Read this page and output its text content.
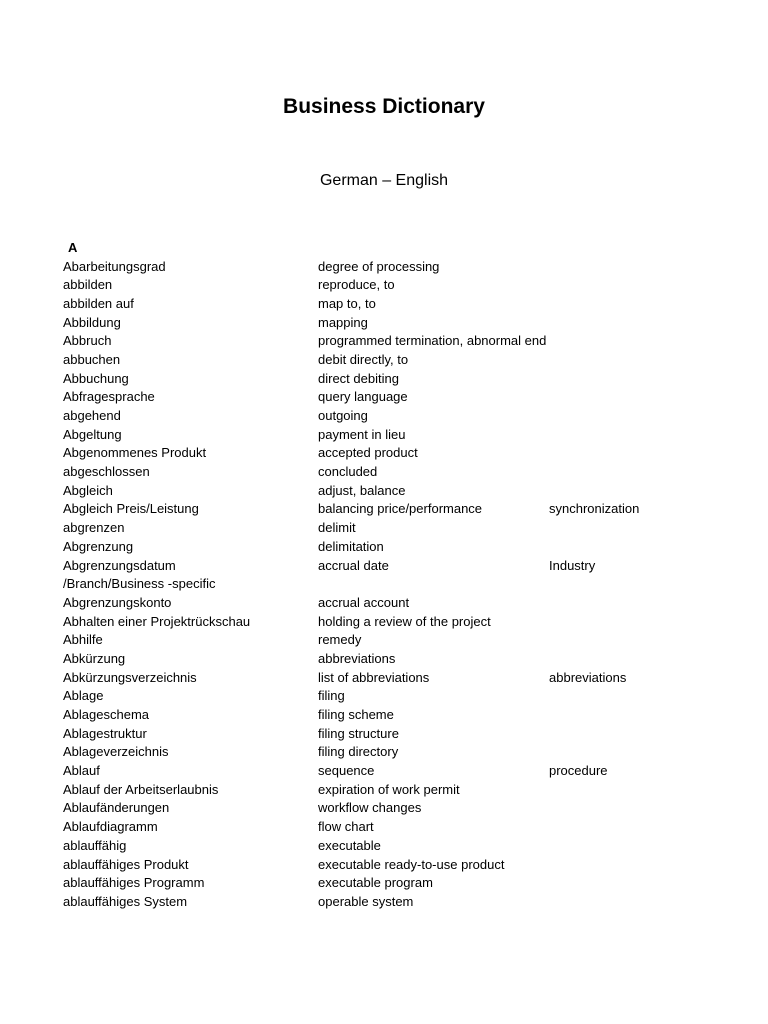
Business Dictionary
German – English
A
Abarbeitungsgrad	degree of processing
abbilden	reproduce, to
abbilden auf	map to, to
Abbildung	mapping
Abbruch	programmed termination, abnormal end
abbuchen	debit directly, to
Abbuchung	direct debiting
Abfragesprache	query language
abgehend	outgoing
Abgeltung	payment in lieu
Abgenommenes Produkt	accepted product
abgeschlossen	concluded
Abgleich	adjust, balance
Abgleich Preis/Leistung	balancing price/performance	synchronization
abgrenzen	delimit
Abgrenzung	delimitation
Abgrenzungsdatum	accrual date	Industry
/Branch/Business -specific
Abgrenzungskonto	accrual account
Abhalten einer Projektrückschau	holding a review of the project
Abhilfe	remedy
Abkürzung	abbreviations
Abkürzungsverzeichnis	list of abbreviations	abbreviations
Ablage	filing
Ablageschema	filing scheme
Ablagestruktur	filing structure
Ablageverzeichnis	filing directory
Ablauf	sequence	procedure
Ablauf der Arbeitserlaubnis	expiration of work permit
Ablaufänderungen	workflow changes
Ablaufdiagramm	flow chart
ablauffähig	executable
ablauffähiges Produkt	executable ready-to-use product
ablauffähiges Programm	executable program
ablauffähiges System	operable system
